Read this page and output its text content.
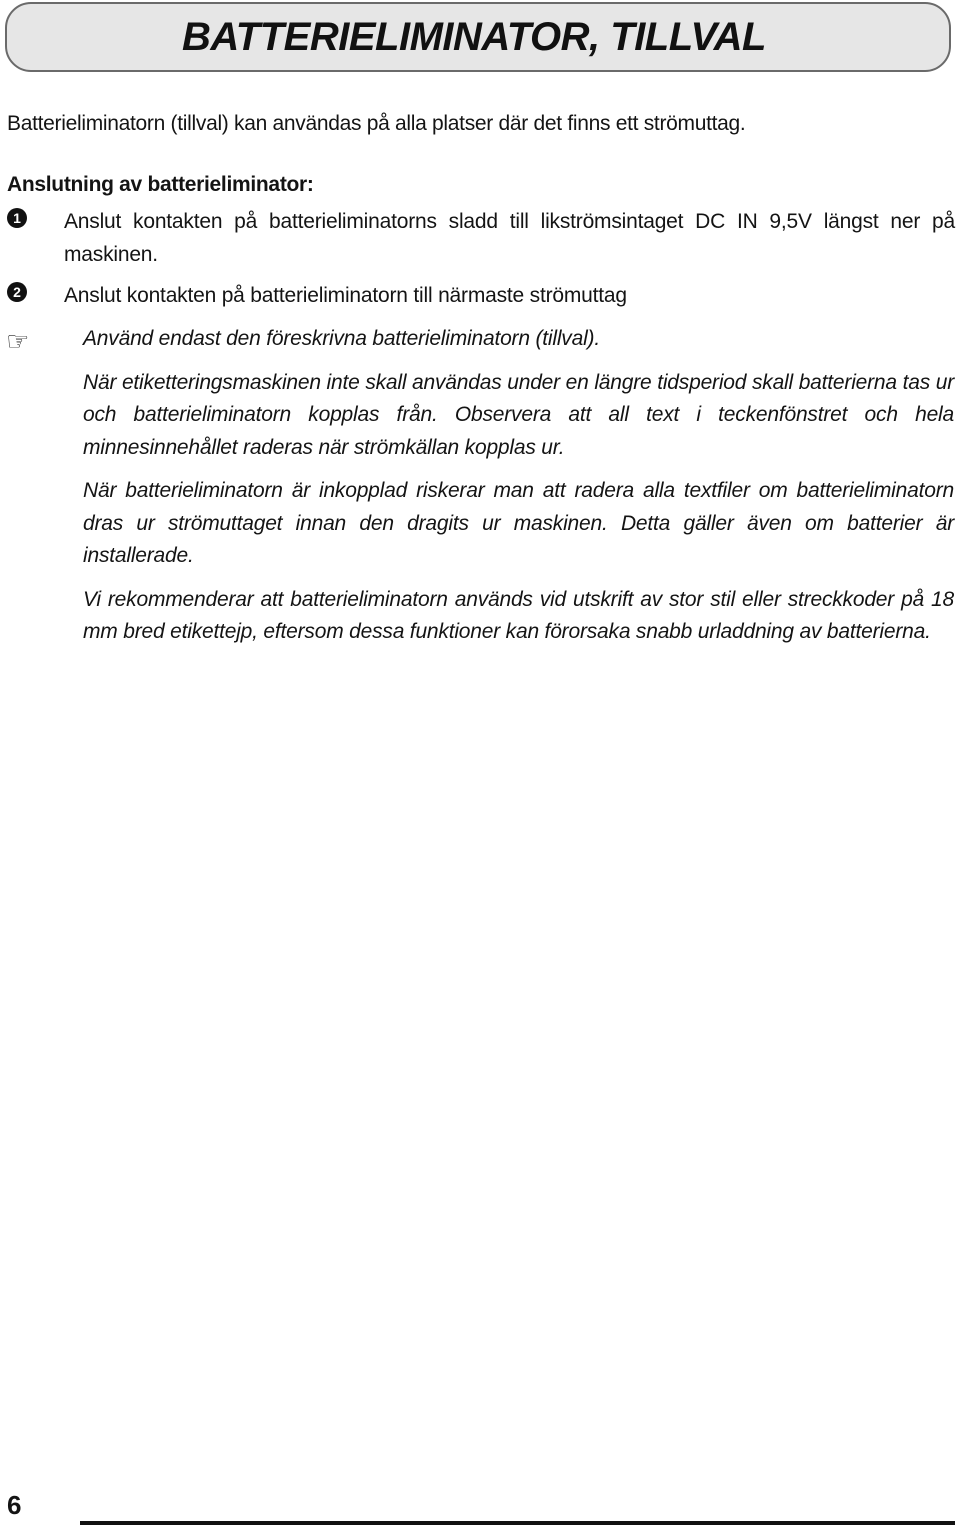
BATTERIELIMINATOR, TILLVAL
Batterieliminatorn (tillval) kan användas på alla platser där det finns ett strömuttag.
Anslutning av batterieliminator:
1 Anslut kontakten på batterieliminatorns sladd till likströmsintaget DC IN 9,5V längst ner på maskinen.
2 Anslut kontakten på batterieliminatorn till närmaste strömuttag
☞	Använd endast den föreskrivna batterieliminatorn (tillval).

När etiketteringsmaskinen inte skall användas under en längre tidsperiod skall batterierna tas ur och batterieliminatorn kopplas från. Observera att all text i teckenfönstret och hela minnesinnehållet raderas när strömkällan kopplas ur.

När batterieliminatorn är inkopplad riskerar man att radera alla textfiler om batterieliminatorn dras ur strömuttaget innan den dragits ur maskinen. Detta gäller även om batterier är installerade.

Vi rekommenderar att batterieliminatorn används vid utskrift av stor stil eller streckkoder på 18 mm bred etikettejp, eftersom dessa funktioner kan förorsaka snabb urladdning av batterierna.

6
